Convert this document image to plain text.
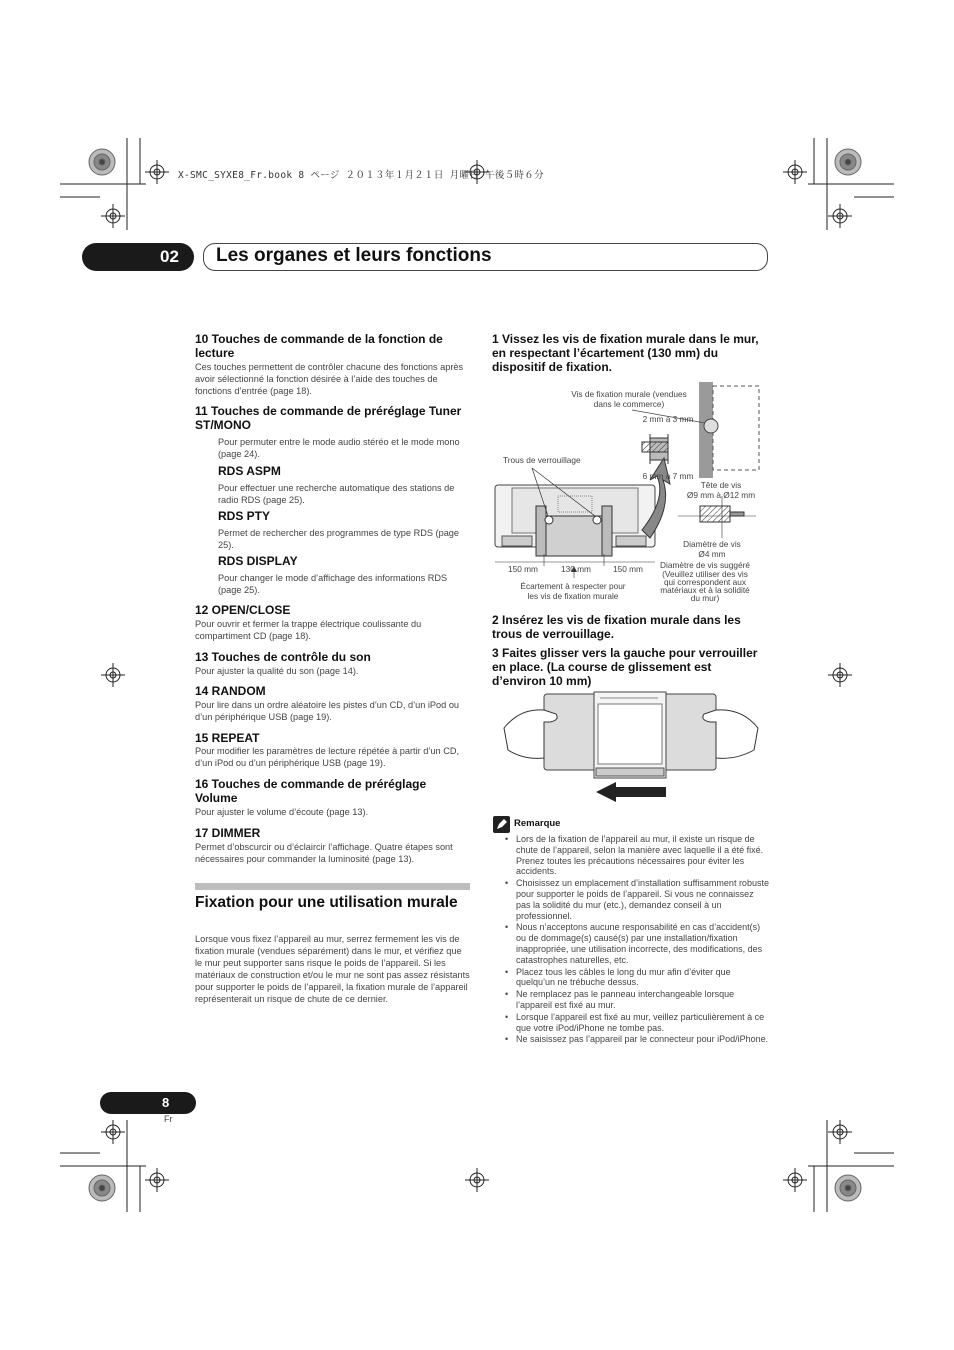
X-SMC_SYXE8_Fr.book 8 ページ ２０１３年１月２１日 月曜日 午後５時６分
02	Les organes et leurs fonctions
10 Touches de commande de la fonction de lecture
Ces touches permettent de contrôler chacune des fonctions après avoir sélectionné la fonction désirée à l’aide des touches de fonctions d’entrée (page 18).
11 Touches de commande de préréglage Tuner ST/MONO
Pour permuter entre le mode audio stéréo et le mode mono (page 24).
RDS ASPM
Pour effectuer une recherche automatique des stations de radio RDS (page 25).
RDS PTY
Permet de rechercher des programmes de type RDS (page 25).
RDS DISPLAY
Pour changer le mode d’affichage des informations RDS (page 25).
12 OPEN/CLOSE
Pour ouvrir et fermer la trappe électrique coulissante du compartiment CD (page 18).
13 Touches de contrôle du son
Pour ajuster la qualité du son (page 14).
14 RANDOM
Pour lire dans un ordre aléatoire les pistes d’un CD, d’un iPod ou d’un périphérique USB (page 19).
15 REPEAT
Pour modifier les paramètres de lecture répétée à partir d’un CD, d’un iPod ou d’un périphérique USB (page 19).
16 Touches de commande de préréglage Volume
Pour ajuster le volume d’écoute (page 13).
17 DIMMER
Permet d’obscurcir ou d’éclaircir l’affichage. Quatre étapes sont nécessaires pour commander la luminosité (page 13).
Fixation pour une utilisation murale
Lorsque vous fixez l’appareil au mur, serrez fermement les vis de fixation murale (vendues séparément) dans le mur, et vérifiez que le mur peut supporter sans risque le poids de l’appareil. Si les matériaux de construction et/ou le mur ne sont pas assez résistants pour supporter le poids de l’appareil, la fixation murale de l’appareil représenterait un risque de chute de ce dernier.
1 Vissez les vis de fixation murale dans le mur, en respectant l’écartement (130 mm) du dispositif de fixation.
Vis de fixation murale (vendues
dans le commerce)
2 mm à 3 mm
Trous de verrouillage
6 mm à 7 mm
Tête de vis
Ø9 mm à Ø12 mm
Diamètre de vis
Ø4 mm
Diamètre de vis suggéré
(Veuillez utiliser des vis
qui correspondent aux
matériaux et à la solidité
du mur)
150 mm	130 mm	150 mm
Écartement à respecter pour
les vis de fixation murale
2 Insérez les vis de fixation murale dans les trous de verrouillage.
3 Faites glisser vers la gauche pour verrouiller en place. (La course de glissement est d’environ 10 mm)
Remarque
• Lors de la fixation de l’appareil au mur, il existe un risque de chute de l’appareil, selon la manière avec laquelle il a été fixé. Prenez toutes les précautions nécessaires pour éviter les accidents.
• Choisissez un emplacement d’installation suffisamment robuste pour supporter le poids de l’appareil. Si vous ne connaissez pas la solidité du mur (etc.), demandez conseil à un professionnel.
• Nous n’acceptons aucune responsabilité en cas d’accident(s) ou de dommage(s) causé(s) par une installation/fixation inappropriée, une utilisation incorrecte, des modifications, des catastrophes naturelles, etc.
• Placez tous les câbles le long du mur afin d’éviter que quelqu’un ne trébuche dessus.
• Ne remplacez pas le panneau interchangeable lorsque l’appareil est fixé au mur.
• Lorsque l’appareil est fixé au mur, veillez particulièrement à ce que votre iPod/iPhone ne tombe pas.
• Ne saisissez pas l’appareil par le connecteur pour iPod/iPhone.
8
Fr
